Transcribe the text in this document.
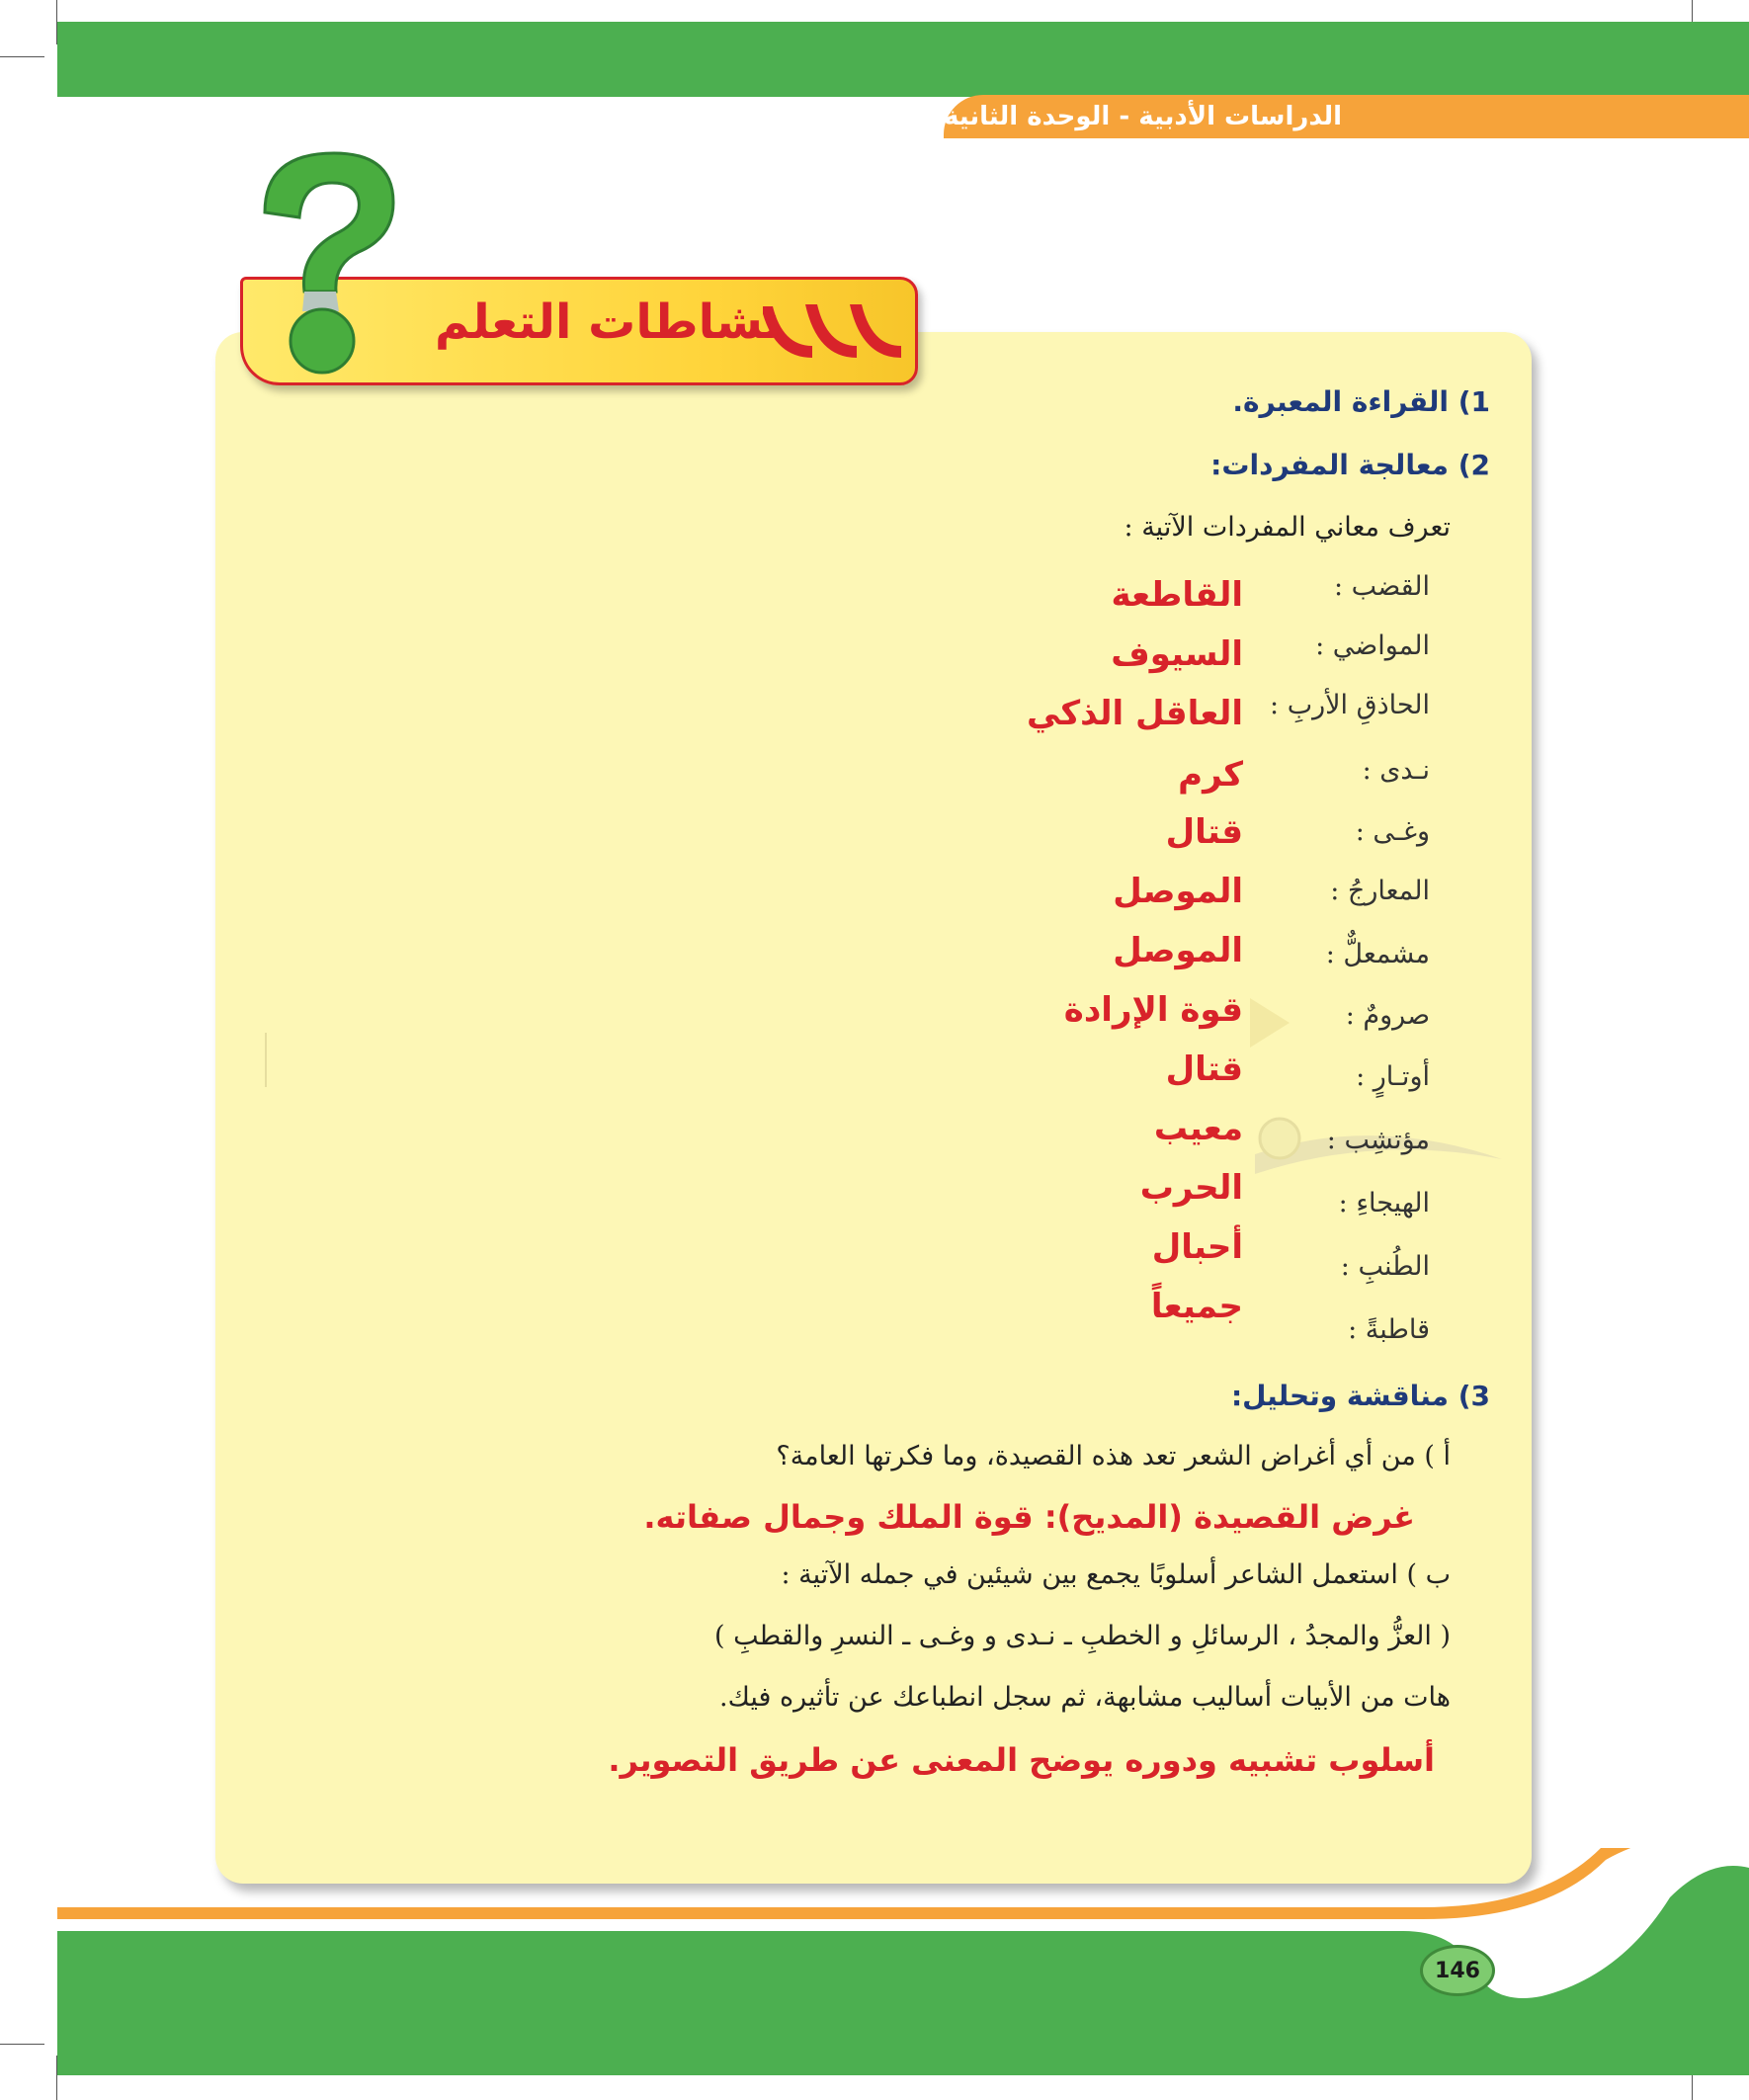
الدراسات الأدبية - الوحدة الثانية
نشاطات التعلم
1) القراءة المعبرة.
2) معالجة المفردات:
تعرف معاني المفردات الآتية :
القضب :
القاطعة
المواضي :
السيوف
الحاذقِ الأربِ :
العاقل الذكي
نـدى :
كرم
وغـى :
قتال
المعارجُ :
الموصل
مشمعلٌّ :
الموصل
صرومٌ :
قوة الإرادة
أوتـارٍ :
قتال
مؤتشِب :
معيب
الهيجاءِ :
الحرب
الطُنبِ :
أحبال
قاطبةً :
جميعاً
3) مناقشة وتحليل:
أ ) من أي أغراض الشعر تعد هذه القصيدة، وما فكرتها العامة؟
غرض القصيدة (المديح): قوة الملك وجمال صفاته.
ب ) استعمل الشاعر أسلوبًا يجمع بين شيئين في جمله الآتية :
( العزُّ والمجدُ ، الرسائلِ و الخطبِ ـ نـدى و وغـى ـ النسرِ والقطبِ )
هات من الأبيات أساليب مشابهة، ثم سجل انطباعك عن تأثيره فيك.
أسلوب تشبيه ودوره يوضح المعنى عن طريق التصوير.
146
